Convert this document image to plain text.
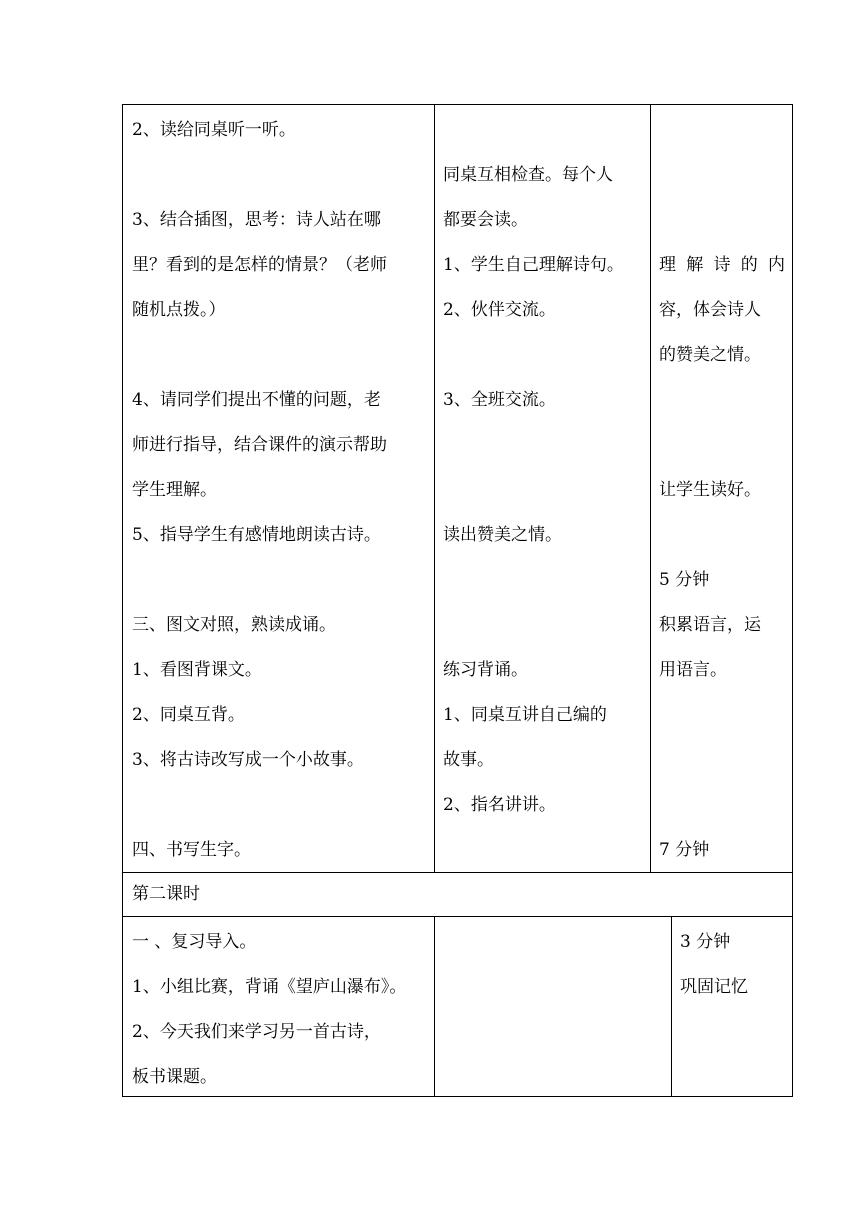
2、读给同桌听一听。
3、结合插图，思考：诗人站在哪
里？看到的是怎样的情景？（老师
随机点拨。）
4、请同学们提出不懂的问题，老
师进行指导，结合课件的演示帮助
学生理解。
5、指导学生有感情地朗读古诗。
三、图文对照，熟读成诵。
1、看图背课文。
2、同桌互背。
3、将古诗改写成一个小故事。
四、书写生字。
同桌互相检查。每个人
都要会读。
1、学生自己理解诗句。
2、伙伴交流。
3、全班交流。
读出赞美之情。
练习背诵。
1、同桌互讲自己编的
故事。
2、指名讲讲。
理 解 诗 的 内
容，体会诗人
的赞美之情。
让学生读好。
5 分钟
积累语言，运
用语言。
7 分钟
第二课时
一 、复习导入。
1、小组比赛，背诵《望庐山瀑布》。
2、今天我们来学习另一首古诗，
板书课题。
3 分钟
巩固记忆
